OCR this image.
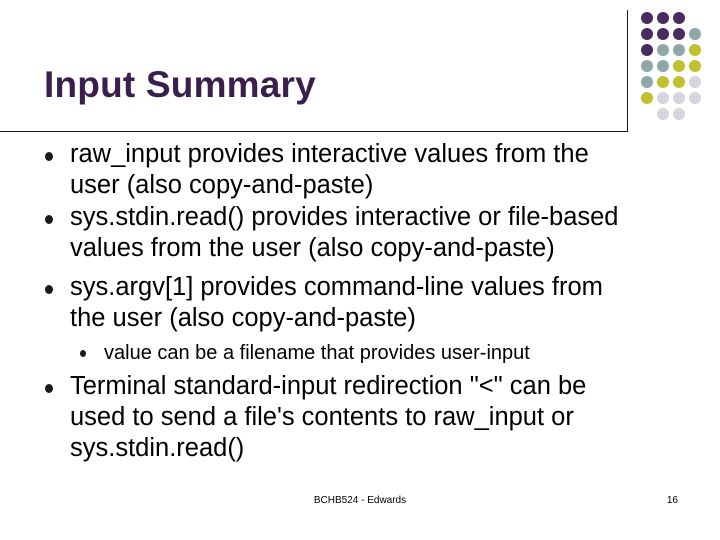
Input Summary
raw_input provides interactive values from the
user (also copy-and-paste)
sys.stdin.read() provides interactive or file-based
values from the user (also copy-and-paste)
sys.argv[1] provides command-line values from
the user (also copy-and-paste)
value can be a filename that provides user-input
Terminal standard-input redirection "<" can be
used to send a file's contents to raw_input or
sys.stdin.read()
BCHB524 - Edwards	16
